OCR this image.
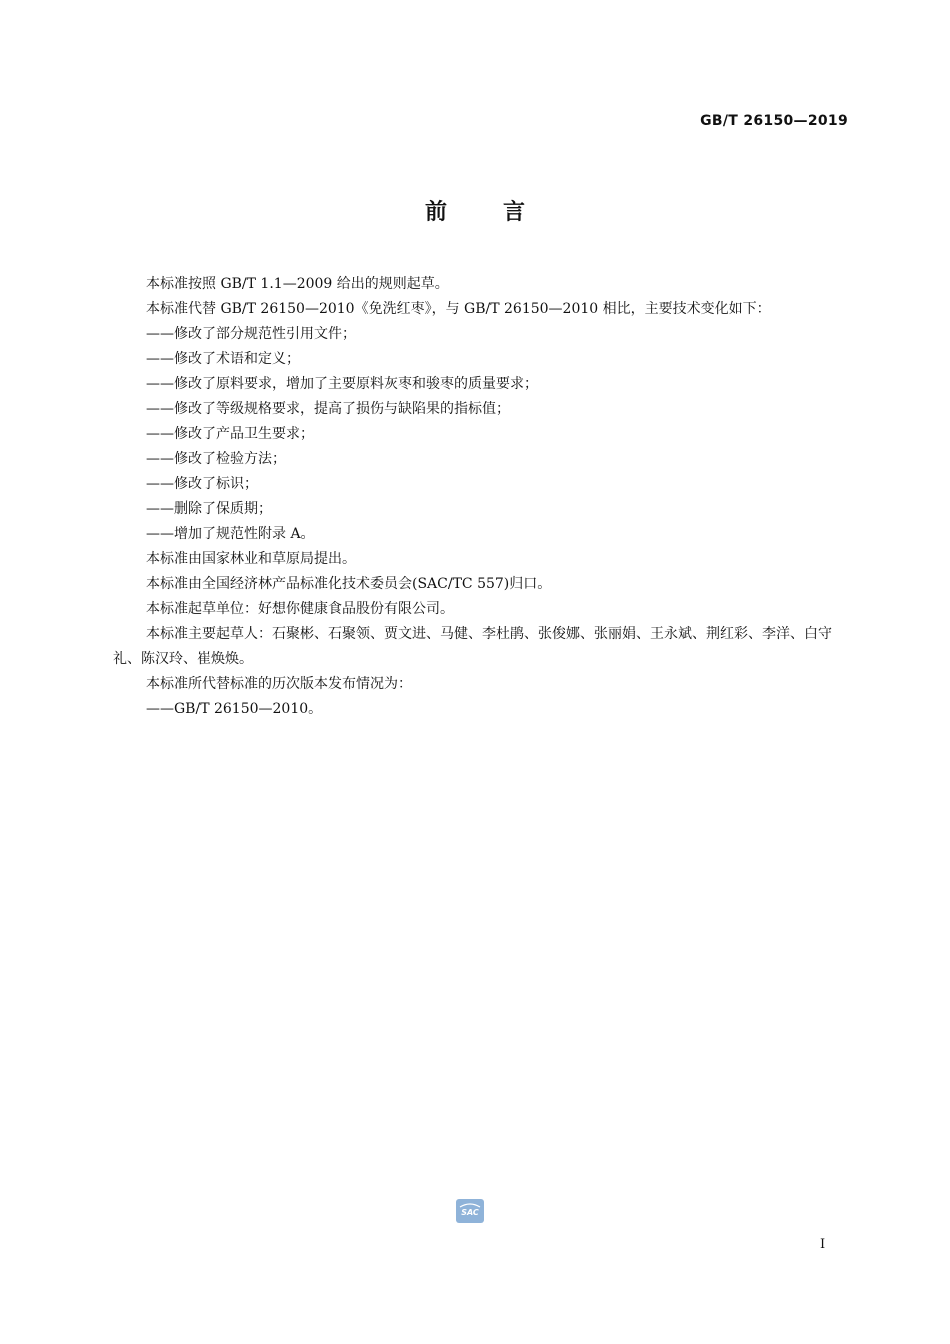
GB/T 26150—2019
前言

本标准按照 GB/T 1.1—2009 给出的规则起草。

本标准代替 GB/T 26150—2010《免洗红枣》，与 GB/T 26150—2010 相比，主要技术变化如下：

——修改了部分规范性引用文件；

——修改了术语和定义；

——修改了原料要求，增加了主要原料灰枣和骏枣的质量要求；

——修改了等级规格要求，提高了损伤与缺陷果的指标值；

——修改了产品卫生要求；

——修改了检验方法；

——修改了标识；

——删除了保质期；

——增加了规范性附录 A。

本标准由国家林业和草原局提出。

本标准由全国经济林产品标准化技术委员会(SAC/TC 557)归口。

本标准起草单位：好想你健康食品股份有限公司。

本标准主要起草人：石聚彬、石聚领、贾文进、马健、李杜鹃、张俊娜、张丽娟、王永斌、荆红彩、李洋、白守礼、陈汉玲、崔焕焕。

本标准所代替标准的历次版本发布情况为：

——GB/T 26150—2010。

SAC
I
